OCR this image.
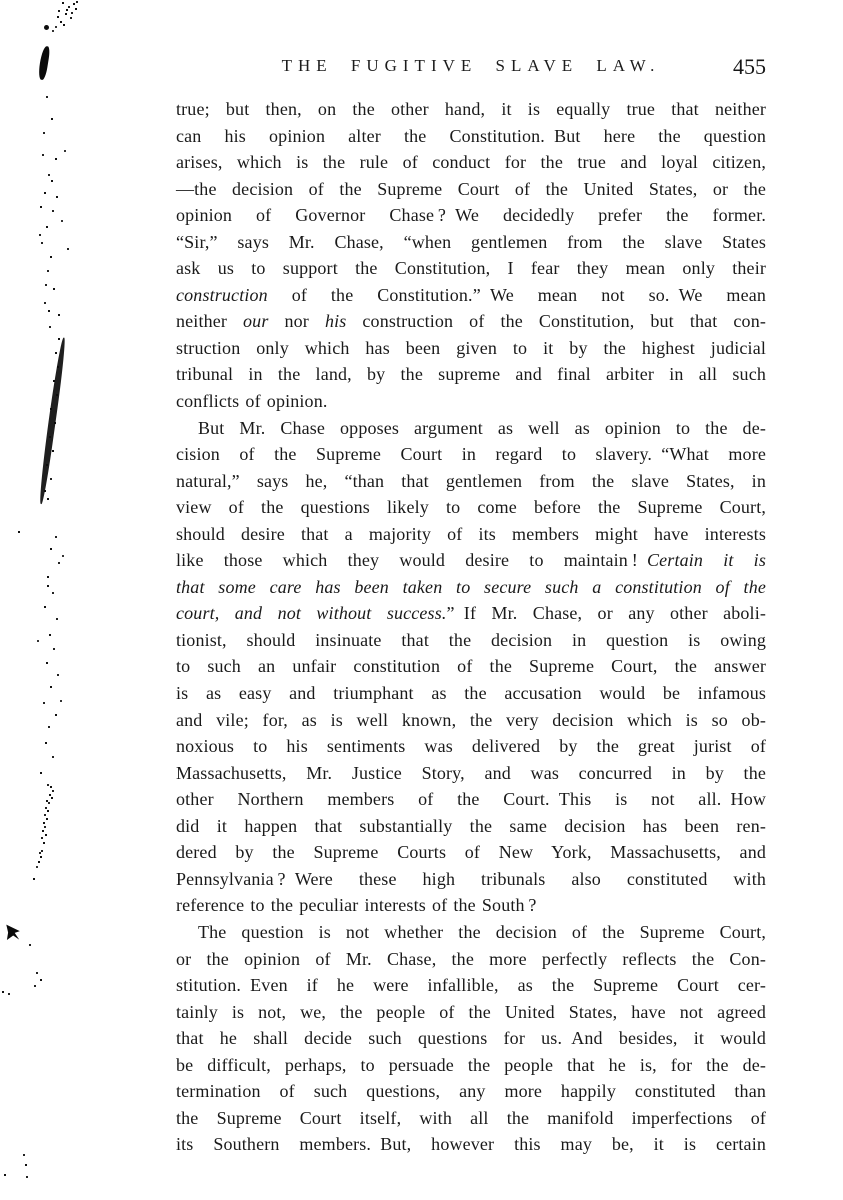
THE FUGITIVE SLAVE LAW.	455
true; but then, on the other hand, it is equally true that neither
can his opinion alter the Constitution. But here the question
arises, which is the rule of conduct for the true and loyal citizen,
—the decision of the Supreme Court of the United States, or the
opinion of Governor Chase ? We decidedly prefer the former.
“Sir,” says Mr. Chase, “when gentlemen from the slave States
ask us to support the Constitution, I fear they mean only their
construction of the Constitution.” We mean not so. We mean
neither our nor his construction of the Constitution, but that con-
struction only which has been given to it by the highest judicial
tribunal in the land, by the supreme and final arbiter in all such
conflicts of opinion.
But Mr. Chase opposes argument as well as opinion to the de-
cision of the Supreme Court in regard to slavery. “What more
natural,” says he, “than that gentlemen from the slave States, in
view of the questions likely to come before the Supreme Court,
should desire that a majority of its members might have interests
like those which they would desire to maintain ! Certain it is
that some care has been taken to secure such a constitution of the
court, and not without success.” If Mr. Chase, or any other aboli-
tionist, should insinuate that the decision in question is owing
to such an unfair constitution of the Supreme Court, the answer
is as easy and triumphant as the accusation would be infamous
and vile; for, as is well known, the very decision which is so ob-
noxious to his sentiments was delivered by the great jurist of
Massachusetts, Mr. Justice Story, and was concurred in by the
other Northern members of the Court. This is not all. How
did it happen that substantially the same decision has been ren-
dered by the Supreme Courts of New York, Massachusetts, and
Pennsylvania ? Were these high tribunals also constituted with
reference to the peculiar interests of the South ?
The question is not whether the decision of the Supreme Court,
or the opinion of Mr. Chase, the more perfectly reflects the Con-
stitution. Even if he were infallible, as the Supreme Court cer-
tainly is not, we, the people of the United States, have not agreed
that he shall decide such questions for us. And besides, it would
be difficult, perhaps, to persuade the people that he is, for the de-
termination of such questions, any more happily constituted than
the Supreme Court itself, with all the manifold imperfections of
its Southern members. But, however this may be, it is certain
